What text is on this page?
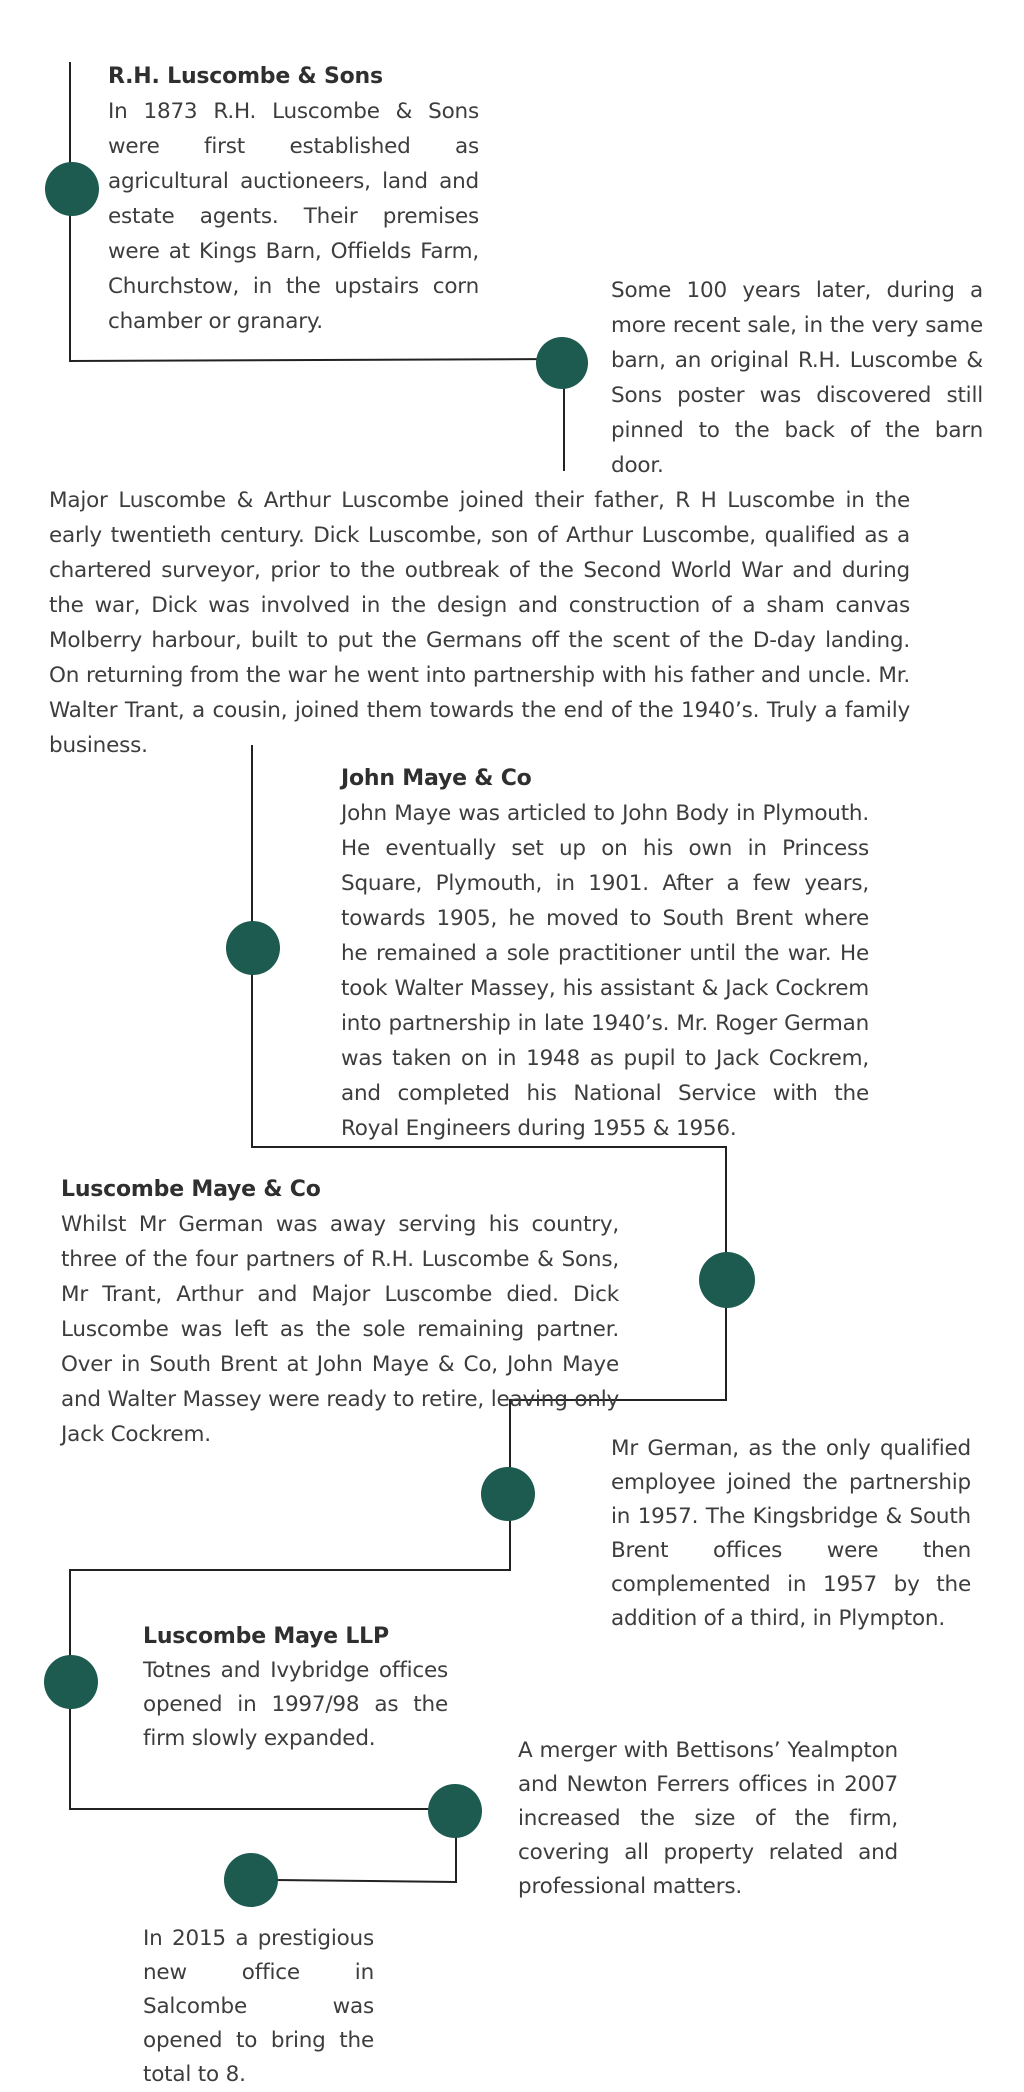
R.H. Luscombe & Sons

In 1873 R.H. Luscombe & Sons were first established as agricultural auctioneers, land and estate agents. Their premises were at Kings Barn, Offields Farm, Churchstow, in the upstairs corn chamber or granary.

Some 100 years later, during a more recent sale, in the very same barn, an original R.H. Luscombe & Sons poster was discovered still pinned to the back of the barn door.

Major Luscombe & Arthur Luscombe joined their father, R H Luscombe in the early twentieth century. Dick Luscombe, son of Arthur Luscombe, qualified as a chartered surveyor, prior to the outbreak of the Second World War and during the war, Dick was involved in the design and construction of a sham canvas Molberry harbour, built to put the Germans off the scent of the D-day landing. On returning from the war he went into partnership with his father and uncle. Mr. Walter Trant, a cousin, joined them towards the end of the 1940’s. Truly a family business.

John Maye & Co

John Maye was articled to John Body in Plymouth. He eventually set up on his own in Princess Square, Plymouth, in 1901. After a few years, towards 1905, he moved to South Brent where he remained a sole practitioner until the war. He took Walter Massey, his assistant & Jack Cockrem into partnership in late 1940’s. Mr. Roger German was taken on in 1948 as pupil to Jack Cockrem, and completed his National Service with the Royal Engineers during 1955 & 1956.

Luscombe Maye & Co

Whilst Mr German was away serving his country, three of the four partners of R.H. Luscombe & Sons, Mr Trant, Arthur and Major Luscombe died. Dick Luscombe was left as the sole remaining partner. Over in South Brent at John Maye & Co, John Maye and Walter Massey were ready to retire, leaving only Jack Cockrem.

Mr German, as the only qualified employee joined the partnership in 1957. The Kingsbridge & South Brent offices were then complemented in 1957 by the addition of a third, in Plympton.

Luscombe Maye LLP

Totnes and Ivybridge offices opened in 1997/98 as the firm slowly expanded.	A merger with Bettisons’ Yealmpton and Newton Ferrers offices in 2007 increased the size of the firm, covering all property related and professional matters.

In 2015 a prestigious new office in Salcombe was opened to bring the total to 8.
